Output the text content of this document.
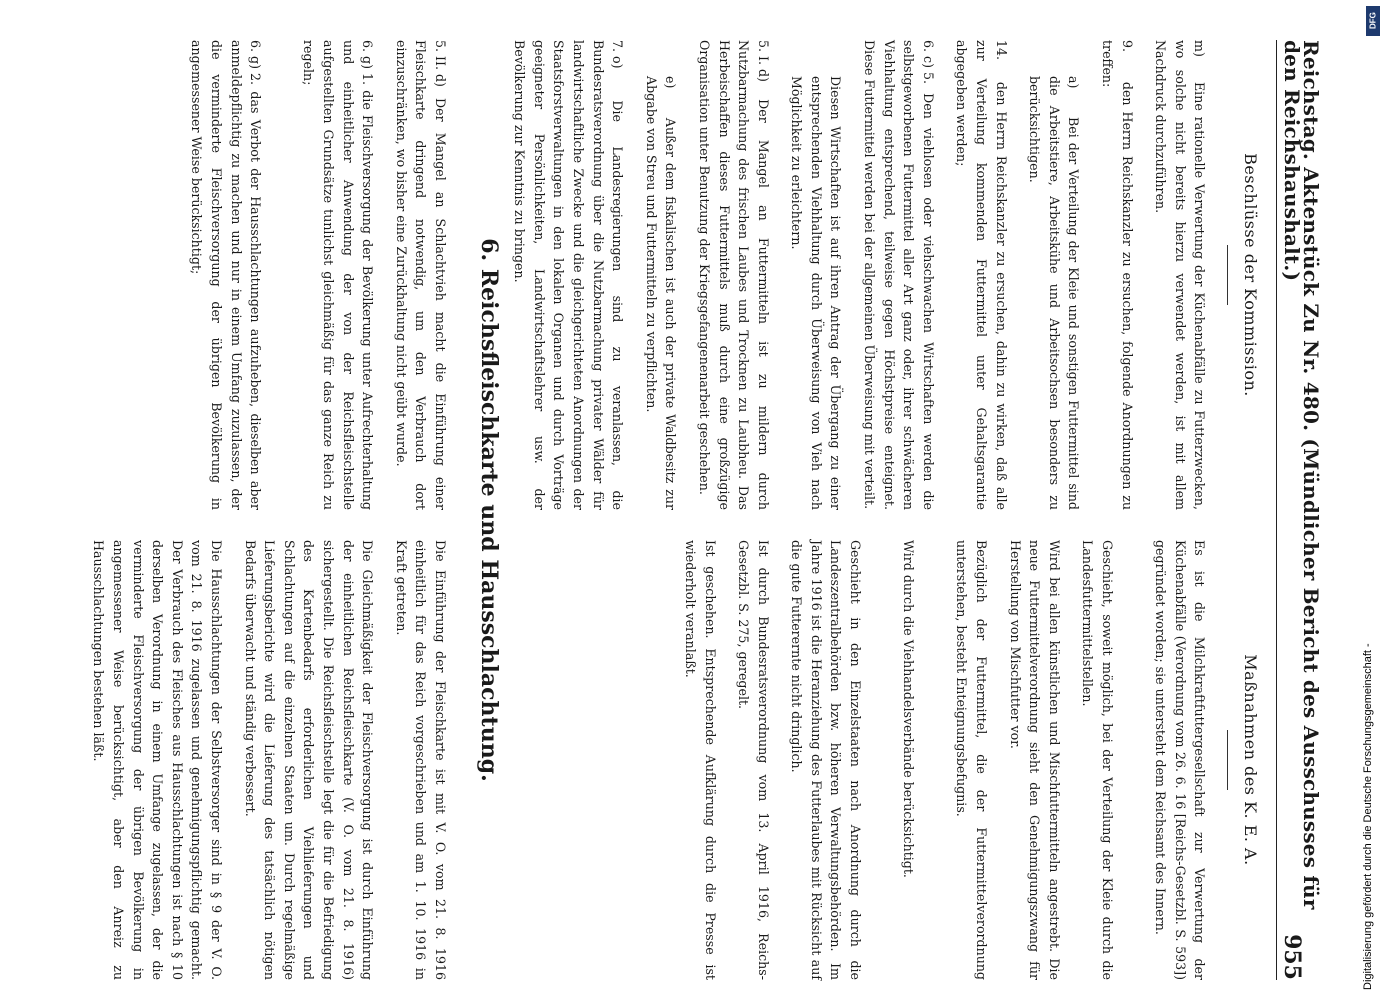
Reichstag. Aktenstück Zu Nr. 480. (Mündlicher Bericht des Ausschusses für den Reichshaushalt.)
955
Beschlüsse der Kommission.
m) Eine rationelle Verwertung der Küchenabfälle zu Futterzwecken, wo solche nicht bereits hierzu verwendet werden, ist mit allem Nachdruck durchzuführen.
9. den Herrn Reichskanzler zu ersuchen, folgende Anordnungen zu treffen:
a) Bei der Verteilung der Kleie und sonstigen Futtermittel sind die Arbeitstiere, Arbeitskühe und Arbeitsochsen besonders zu berücksichtigen.
14. den Herrn Reichskanzler zu ersuchen, dahin zu wirken, daß alle zur Verteilung kommenden Futtermittel unter Gehaltsgarantie abgegeben werden;
6. c) 5. Den viehlosen oder viehschwachen Wirtschaften werden die selbstgeworbenen Futtermittel aller Art ganz oder, ihrer schwächeren Viehhaltung entsprechend, teilweise gegen Höchstpreise enteignet. Diese Futtermittel werden bei der allgemeinen Überweisung mit verteilt.
Diesen Wirtschaften ist auf ihren Antrag der Übergang zu einer entsprechenden Viehhaltung durch Überweisung von Vieh nach Möglichkeit zu erleichtern.
5. I. d) Der Mangel an Futtermitteln ist zu mildern durch Nutzbarmachung des frischen Laubes und Trocknen zu Laubheu. Das Herbeischaffen dieses Futtermittels muß durch eine großzügige Organisation unter Benutzung der Kriegsgefangenenarbeit geschehen.
e) Außer dem fiskalischen ist auch der private Waldbesitz zur Abgabe von Streu und Futtermitteln zu verpflichten.
7. o) Die Landesregierungen sind zu veranlassen, die Bundesratsverordnung über die Nutzbarmachung privater Wälder für landwirtschaftliche Zwecke und die gleichgerichteten Anordnungen der Staatsforstverwaltungen in den lokalen Organen und durch Vorträge geeigneter Persönlichkeiten, Landwirtschaftslehrer usw. der Bevölkerung zur Kenntnis zu bringen.
Maßnahmen des K. E. A.
Es ist die Milchkraftfuttergesellschaft zur Verwertung der Küchenabfälle (Verordnung vom 26. 6. 16 [Reichs-Gesetzbl. S. 593]) gegründet worden; sie untersteht dem Reichsamt des Innern.
Geschieht, soweit möglich, bei der Verteilung der Kleie durch die Landesfuttermittelstellen.
Wird bei allen künstlichen und Mischfuttermitteln angestrebt. Die neue Futtermittelverordnung sieht den Genehmigungszwang für Herstellung von Mischfutter vor.
Bezüglich der Futtermittel, die der Futtermittelverordnung unterstehen, besteht Enteignungsbefugnis.
Wird durch die Viehhandelsverbände berücksichtigt.
Geschieht in den Einzelstaaten nach Anordnung durch die Landeszentralbehörden bzw. höheren Verwaltungsbehörden. Im Jahre 1916 ist die Heranziehung des Futterlaubes mit Rücksicht auf die gute Futterernte nicht dringlich.
Ist durch Bundesratsverordnung vom 13. April 1916, Reichs-Gesetzbl. S. 275, geregelt.
Ist geschehen. Entsprechende Aufklärung durch die Presse ist wiederholt veranlaßt.
6. Reichsfleischkarte und Hausschlachtung.
5. II. d) Der Mangel an Schlachtvieh macht die Einführung einer Fleischkarte dringend notwendig, um den Verbrauch dort einzuschränken, wo bisher eine Zurückhaltung nicht geübt wurde.
6. g) 1. die Fleischversorgung der Bevölkerung unter Aufrechterhaltung und einheitlicher Anwendung der von der Reichsfleischstelle aufgestellten Grundsätze tunlichst gleichmäßig für das ganze Reich zu regeln;
6. g) 2. das Verbot der Hausschlachtungen aufzuheben, dieselben aber anmeldepflichtig zu machen und nur in einem Umfang zuzulassen, der die verminderte Fleischversorgung der übrigen Bevölkerung in angemessener Weise berücksichtigt;
Die Einführung der Fleischkarte ist mit V. O. vom 21. 8. 1916 einheitlich für das Reich vorgeschrieben und am 1. 10. 1916 in Kraft getreten.
Die Gleichmäßigkeit der Fleischversorgung ist durch Einführung der einheitlichen Reichsfleischkarte (V. O. vom 21. 8. 1916) sichergestellt. Die Reichsfleischstelle legt die für die Befriedigung des Kartenbedarfs erforderlichen Viehlieferungen und Schlachtungen auf die einzelnen Staaten um. Durch regelmäßige Lieferungsberichte wird die Lieferung des tatsächlich nötigen Bedarfs überwacht und ständig verbessert.
Die Hausschlachtungen der Selbstversorger sind in § 9 der V. O. vom 21. 8. 1916 zugelassen und genehmigungspflichtig gemacht. Der Verbrauch des Fleisches aus Hausschlachtungen ist nach § 10 derselben Verordnung in einem Umfange zugelassen, der die verminderte Fleischversorgung der übrigen Bevölkerung in angemessener Weise berücksichtigt, aber den Anreiz zu Hausschlachtungen bestehen läßt.
DFG
Digitalisierung gefördert durch die Deutsche Forschungsgemeinschaft -
